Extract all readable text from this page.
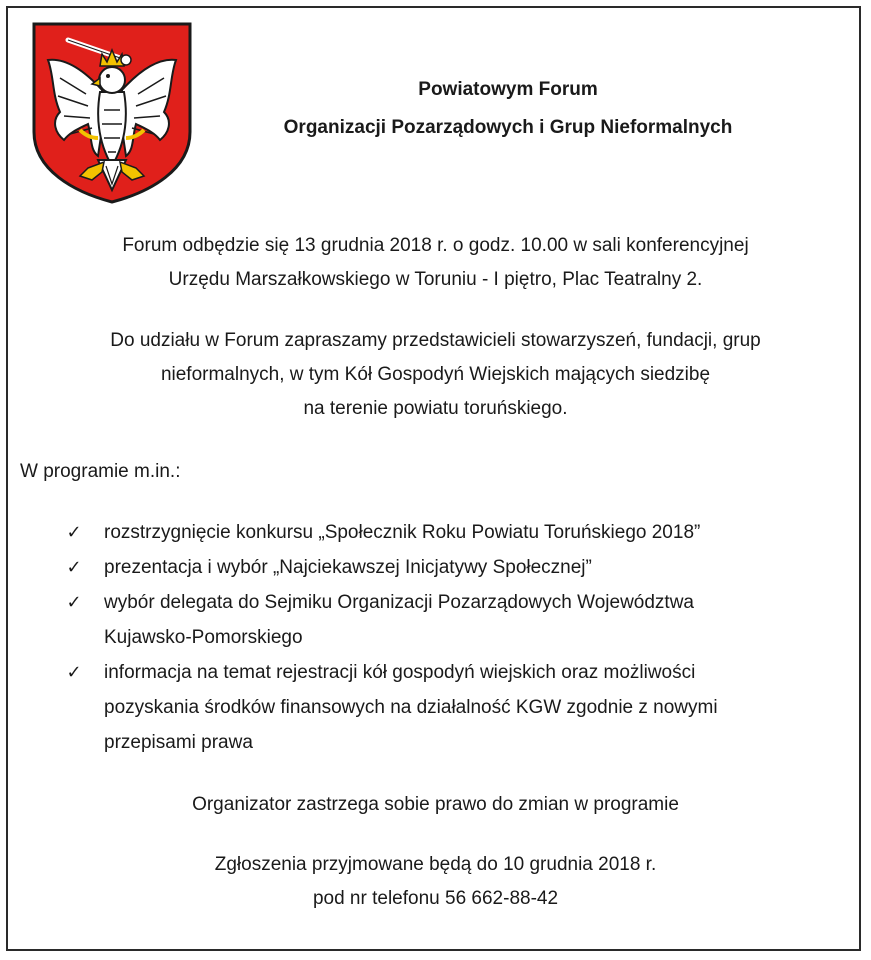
Powiatowym Forum
Organizacji Pozarządowych i Grup Nieformalnych
Forum odbędzie się 13 grudnia 2018 r. o godz. 10.00 w sali konferencyjnej
Urzędu Marszałkowskiego w Toruniu - I piętro, Plac Teatralny 2.
Do udziału w Forum zapraszamy przedstawicieli stowarzyszeń, fundacji, grup
nieformalnych, w tym Kół Gospodyń Wiejskich mających siedzibę
na terenie powiatu toruńskiego.
W programie m.in.:
✓ rozstrzygnięcie konkursu „Społecznik Roku Powiatu Toruńskiego 2018”
✓ prezentacja i wybór „Najciekawszej Inicjatywy Społecznej”
✓ wybór delegata do Sejmiku Organizacji Pozarządowych Województwa
Kujawsko-Pomorskiego
✓ informacja na temat rejestracji kół gospodyń wiejskich oraz możliwości
pozyskania środków finansowych na działalność KGW zgodnie z nowymi
przepisami prawa
Organizator zastrzega sobie prawo do zmian w programie
Zgłoszenia przyjmowane będą do 10 grudnia 2018 r.
pod nr telefonu 56 662-88-42
